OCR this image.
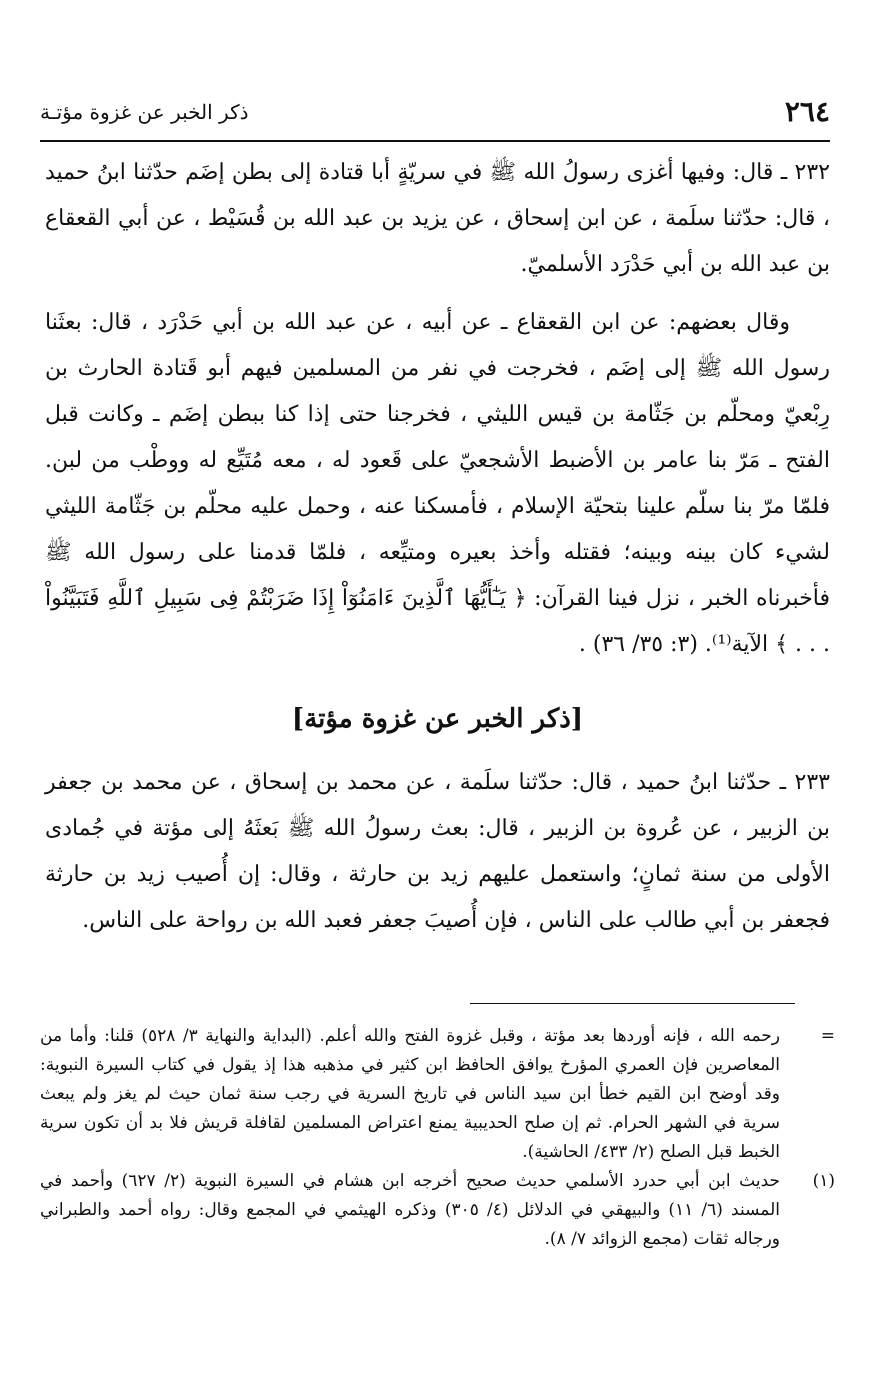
٢٦٤
ذكر الخبر عن غزوة مؤتـة

٢٣٢ ـ قال: وفيها أغزى رسولُ الله ﷺ في سريّةٍ أبا قتادة إلى بطن إضَم حدّثنا ابنُ حميد ، قال: حدّثنا سلَمة ، عن ابن إسحاق ، عن يزيد بن عبد الله بن قُسَيْط ، عن أبي القعقاع بن عبد الله بن أبي حَدْرَد الأسلميّ.

وقال بعضهم: عن ابن القعقاع ـ عن أبيه ، عن عبد الله بن أبي حَدْرَد ، قال: بعثَنا رسول الله ﷺ إلى إضَم ، فخرجت في نفر من المسلمين فيهم أبو قَتادة الحارث بن رِبْعيّ ومحلّم بن جَثّامة بن قيس الليثي ، فخرجنا حتى إذا كنا ببطن إضَم ـ وكانت قبل الفتح ـ مَرّ بنا عامر بن الأضبط الأشجعيّ على قَعود له ، معه مُتَيِّع له ووطْب من لبن. فلمّا مرّ بنا سلّم علينا بتحيّة الإسلام ، فأمسكنا عنه ، وحمل عليه محلّم بن جَثّامة الليثي لشيء كان بينه وبينه؛ فقتله وأخذ بعيره ومتيِّعه ، فلمّا قدمنا على رسول الله ﷺ فأخبرناه الخبر ، نزل فينا القرآن: ﴿ يَـٰٓأَيُّهَا ٱلَّذِينَ ءَامَنُوٓاْ إِذَا ضَرَبْتُمْ فِى سَبِيلِ ٱللَّهِ فَتَبَيَّنُواْ . . . ﴾ الآية⁽¹⁾. (٣: ٣٥/ ٣٦) .

[ذكر الخبر عن غزوة مؤتة]

٢٣٣ ـ حدّثنا ابنُ حميد ، قال: حدّثنا سلَمة ، عن محمد بن إسحاق ، عن محمد بن جعفر بن الزبير ، عن عُروة بن الزبير ، قال: بعث رسولُ الله ﷺ بَعثَهُ إلى مؤتة في جُمادى الأولى من سنة ثمانٍ؛ واستعمل عليهم زيد بن حارثة ، وقال: إن أُصيب زيد بن حارثة فجعفر بن أبي طالب على الناس ، فإن أُصيبَ جعفر فعبد الله بن رواحة على الناس.

=
رحمه الله ، فإنه أوردها بعد مؤتة ، وقبل غزوة الفتح والله أعلم. (البداية والنهاية ٣/ ٥٢٨) قلنا: وأما من المعاصرين فإن العمري المؤرخ يوافق الحافظ ابن كثير في مذهبه هذا إذ يقول في كتاب السيرة النبوية: وقد أوضح ابن القيم خطأ ابن سيد الناس في تاريخ السرية في رجب سنة ثمان حيث لم يغز ولم يبعث سرية في الشهر الحرام. ثم إن صلح الحديبية يمنع اعتراض المسلمين لقافلة قريش فلا بد أن تكون سرية الخبط قبل الصلح (٢/ ٤٣٣/ الحاشية).

(١)
حديث ابن أبي حدرد الأسلمي حديث صحيح أخرجه ابن هشام في السيرة النبوية (٢/ ٦٢٧) وأحمد في المسند (٦/ ١١) والبيهقي في الدلائل (٤/ ٣٠٥) وذكره الهيثمي في المجمع وقال: رواه أحمد والطبراني ورجاله ثقات (مجمع الزوائد ٧/ ٨).
